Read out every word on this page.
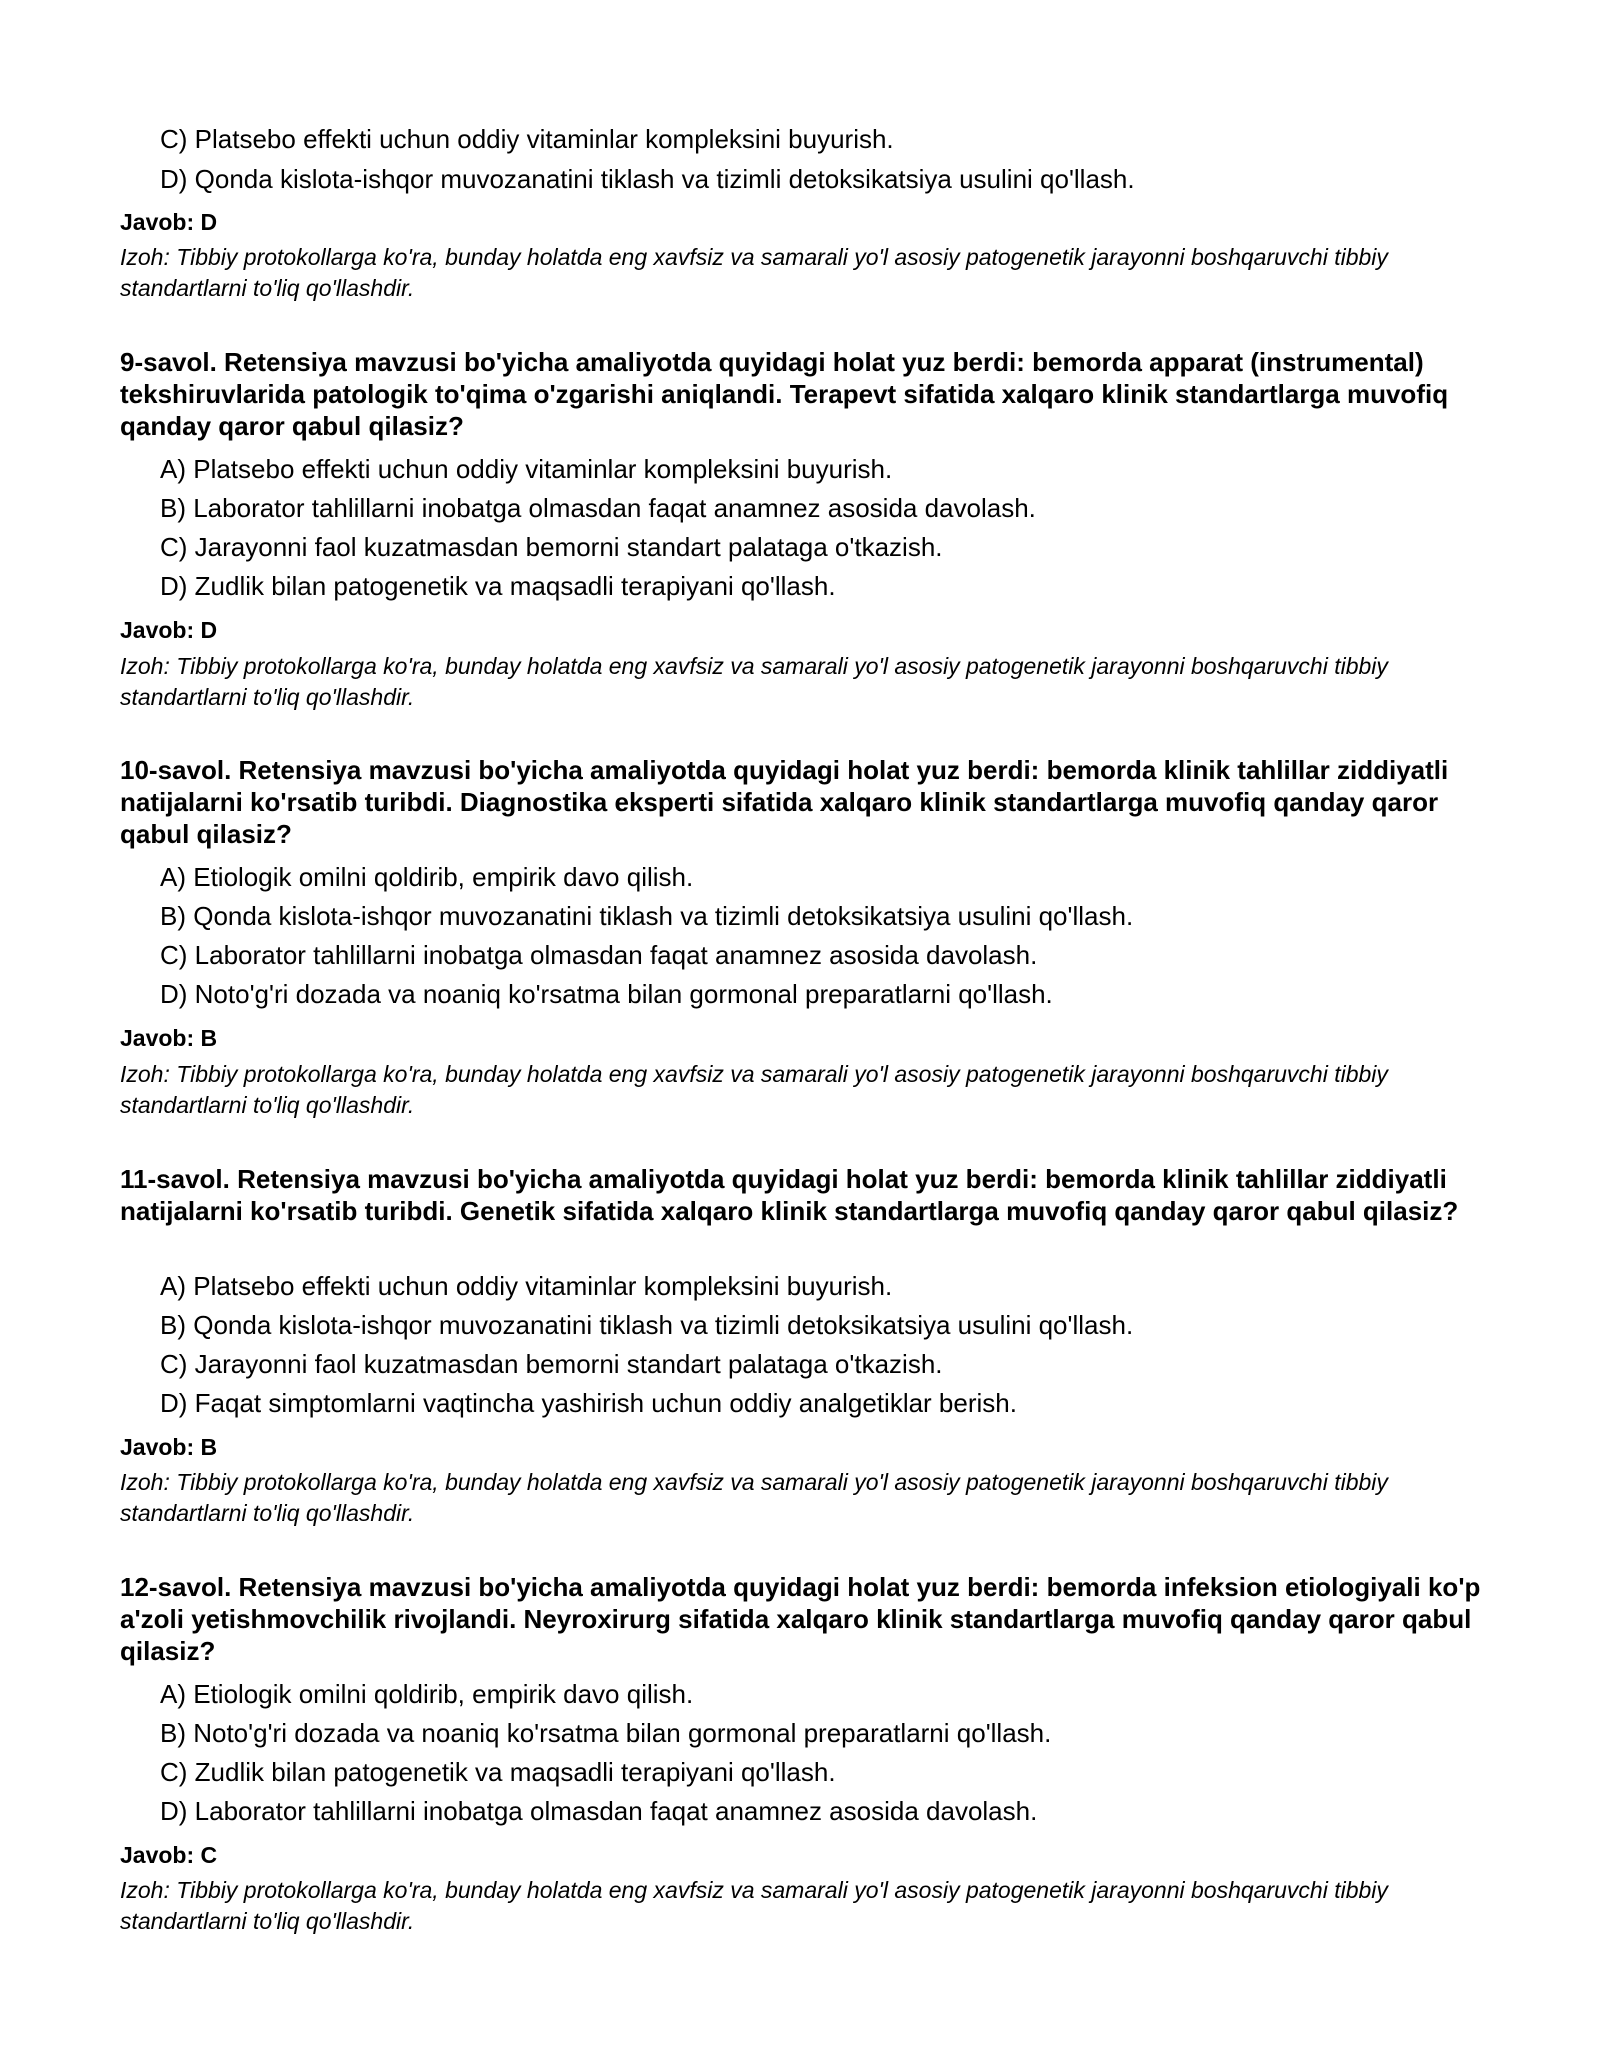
C) Platsebo effekti uchun oddiy vitaminlar kompleksini buyurish.
D) Qonda kislota-ishqor muvozanatini tiklash va tizimli detoksikatsiya usulini qo'llash.
Javob: D
Izoh: Tibbiy protokollarga ko'ra, bunday holatda eng xavfsiz va samarali yo'l asosiy patogenetik jarayonni boshqaruvchi tibbiy standartlarni to'liq qo'llashdir.
9-savol. Retensiya mavzusi bo'yicha amaliyotda quyidagi holat yuz berdi: bemorda apparat (instrumental) tekshiruvlarida patologik to'qima o'zgarishi aniqlandi. Terapevt sifatida xalqaro klinik standartlarga muvofiq qanday qaror qabul qilasiz?
A) Platsebo effekti uchun oddiy vitaminlar kompleksini buyurish.
B) Laborator tahlillarni inobatga olmasdan faqat anamnez asosida davolash.
C) Jarayonni faol kuzatmasdan bemorni standart palataga o'tkazish.
D) Zudlik bilan patogenetik va maqsadli terapiyani qo'llash.
Javob: D
Izoh: Tibbiy protokollarga ko'ra, bunday holatda eng xavfsiz va samarali yo'l asosiy patogenetik jarayonni boshqaruvchi tibbiy standartlarni to'liq qo'llashdir.
10-savol. Retensiya mavzusi bo'yicha amaliyotda quyidagi holat yuz berdi: bemorda klinik tahlillar ziddiyatli natijalarni ko'rsatib turibdi. Diagnostika eksperti sifatida xalqaro klinik standartlarga muvofiq qanday qaror qabul qilasiz?
A) Etiologik omilni qoldirib, empirik davo qilish.
B) Qonda kislota-ishqor muvozanatini tiklash va tizimli detoksikatsiya usulini qo'llash.
C) Laborator tahlillarni inobatga olmasdan faqat anamnez asosida davolash.
D) Noto'g'ri dozada va noaniq ko'rsatma bilan gormonal preparatlarni qo'llash.
Javob: B
Izoh: Tibbiy protokollarga ko'ra, bunday holatda eng xavfsiz va samarali yo'l asosiy patogenetik jarayonni boshqaruvchi tibbiy standartlarni to'liq qo'llashdir.
11-savol. Retensiya mavzusi bo'yicha amaliyotda quyidagi holat yuz berdi: bemorda klinik tahlillar ziddiyatli natijalarni ko'rsatib turibdi. Genetik sifatida xalqaro klinik standartlarga muvofiq qanday qaror qabul qilasiz?
A) Platsebo effekti uchun oddiy vitaminlar kompleksini buyurish.
B) Qonda kislota-ishqor muvozanatini tiklash va tizimli detoksikatsiya usulini qo'llash.
C) Jarayonni faol kuzatmasdan bemorni standart palataga o'tkazish.
D) Faqat simptomlarni vaqtincha yashirish uchun oddiy analgetiklar berish.
Javob: B
Izoh: Tibbiy protokollarga ko'ra, bunday holatda eng xavfsiz va samarali yo'l asosiy patogenetik jarayonni boshqaruvchi tibbiy standartlarni to'liq qo'llashdir.
12-savol. Retensiya mavzusi bo'yicha amaliyotda quyidagi holat yuz berdi: bemorda infeksion etiologiyali ko'p a'zoli yetishmovchilik rivojlandi. Neyroxirurg sifatida xalqaro klinik standartlarga muvofiq qanday qaror qabul qilasiz?
A) Etiologik omilni qoldirib, empirik davo qilish.
B) Noto'g'ri dozada va noaniq ko'rsatma bilan gormonal preparatlarni qo'llash.
C) Zudlik bilan patogenetik va maqsadli terapiyani qo'llash.
D) Laborator tahlillarni inobatga olmasdan faqat anamnez asosida davolash.
Javob: C
Izoh: Tibbiy protokollarga ko'ra, bunday holatda eng xavfsiz va samarali yo'l asosiy patogenetik jarayonni boshqaruvchi tibbiy standartlarni to'liq qo'llashdir.
